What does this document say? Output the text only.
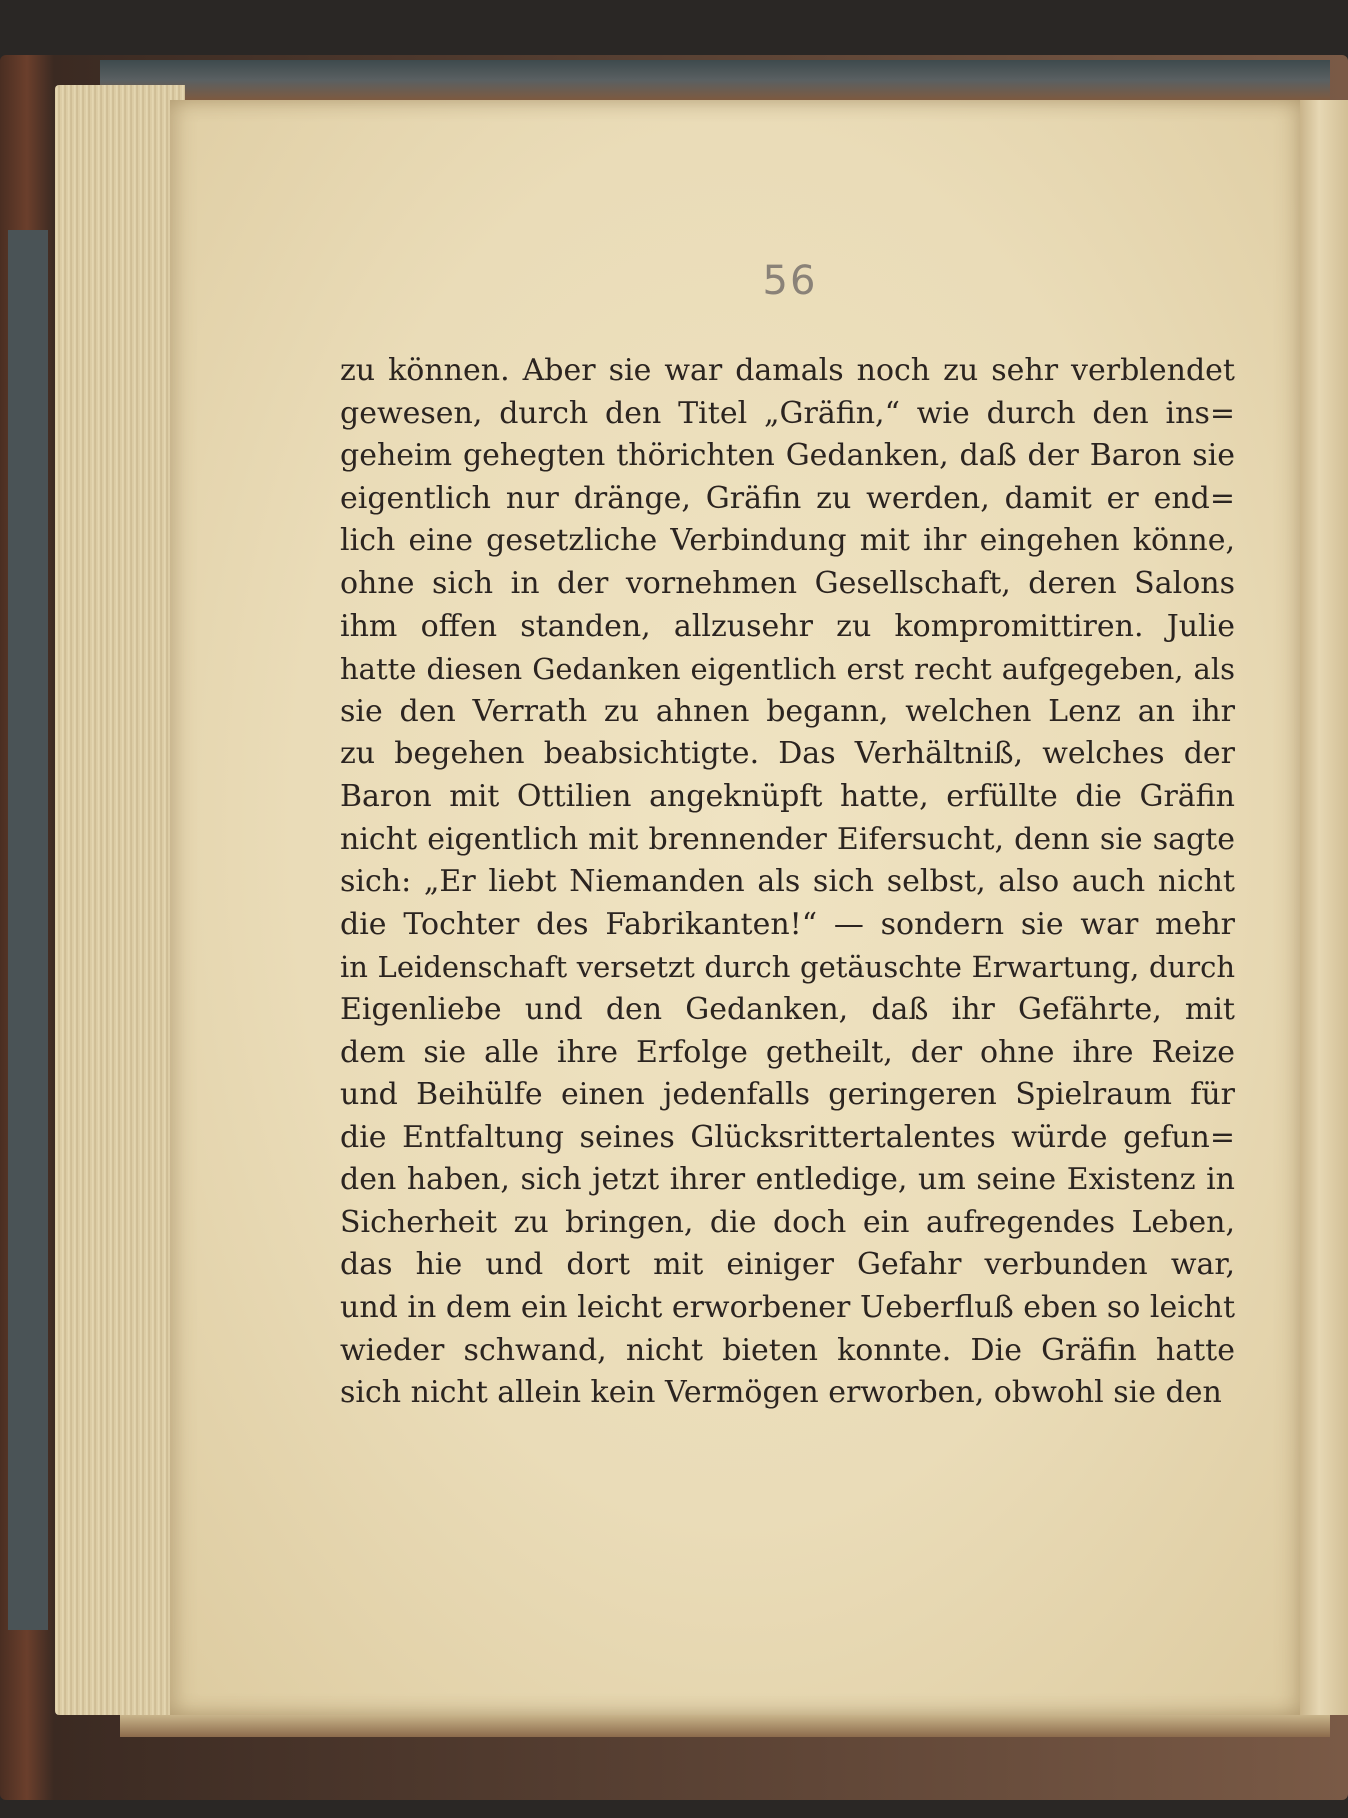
56
zu können. Aber sie war damals noch zu sehr verblendet
gewesen, durch den Titel „Gräfin,“ wie durch den ins=
geheim gehegten thörichten Gedanken, daß der Baron sie
eigentlich nur dränge, Gräfin zu werden, damit er end=
lich eine gesetzliche Verbindung mit ihr eingehen könne,
ohne sich in der vornehmen Gesellschaft, deren Salons
ihm offen standen, allzusehr zu kompromittiren. Julie
hatte diesen Gedanken eigentlich erst recht aufgegeben, als
sie den Verrath zu ahnen begann, welchen Lenz an ihr
zu begehen beabsichtigte. Das Verhältniß, welches der
Baron mit Ottilien angeknüpft hatte, erfüllte die Gräfin
nicht eigentlich mit brennender Eifersucht, denn sie sagte
sich: „Er liebt Niemanden als sich selbst, also auch nicht
die Tochter des Fabrikanten!“ — sondern sie war mehr
in Leidenschaft versetzt durch getäuschte Erwartung, durch
Eigenliebe und den Gedanken, daß ihr Gefährte, mit
dem sie alle ihre Erfolge getheilt, der ohne ihre Reize
und Beihülfe einen jedenfalls geringeren Spielraum für
die Entfaltung seines Glücksrittertalentes würde gefun=
den haben, sich jetzt ihrer entledige, um seine Existenz in
Sicherheit zu bringen, die doch ein aufregendes Leben,
das hie und dort mit einiger Gefahr verbunden war,
und in dem ein leicht erworbener Ueberfluß eben so leicht
wieder schwand, nicht bieten konnte. Die Gräfin hatte
sich nicht allein kein Vermögen erworben, obwohl sie den
